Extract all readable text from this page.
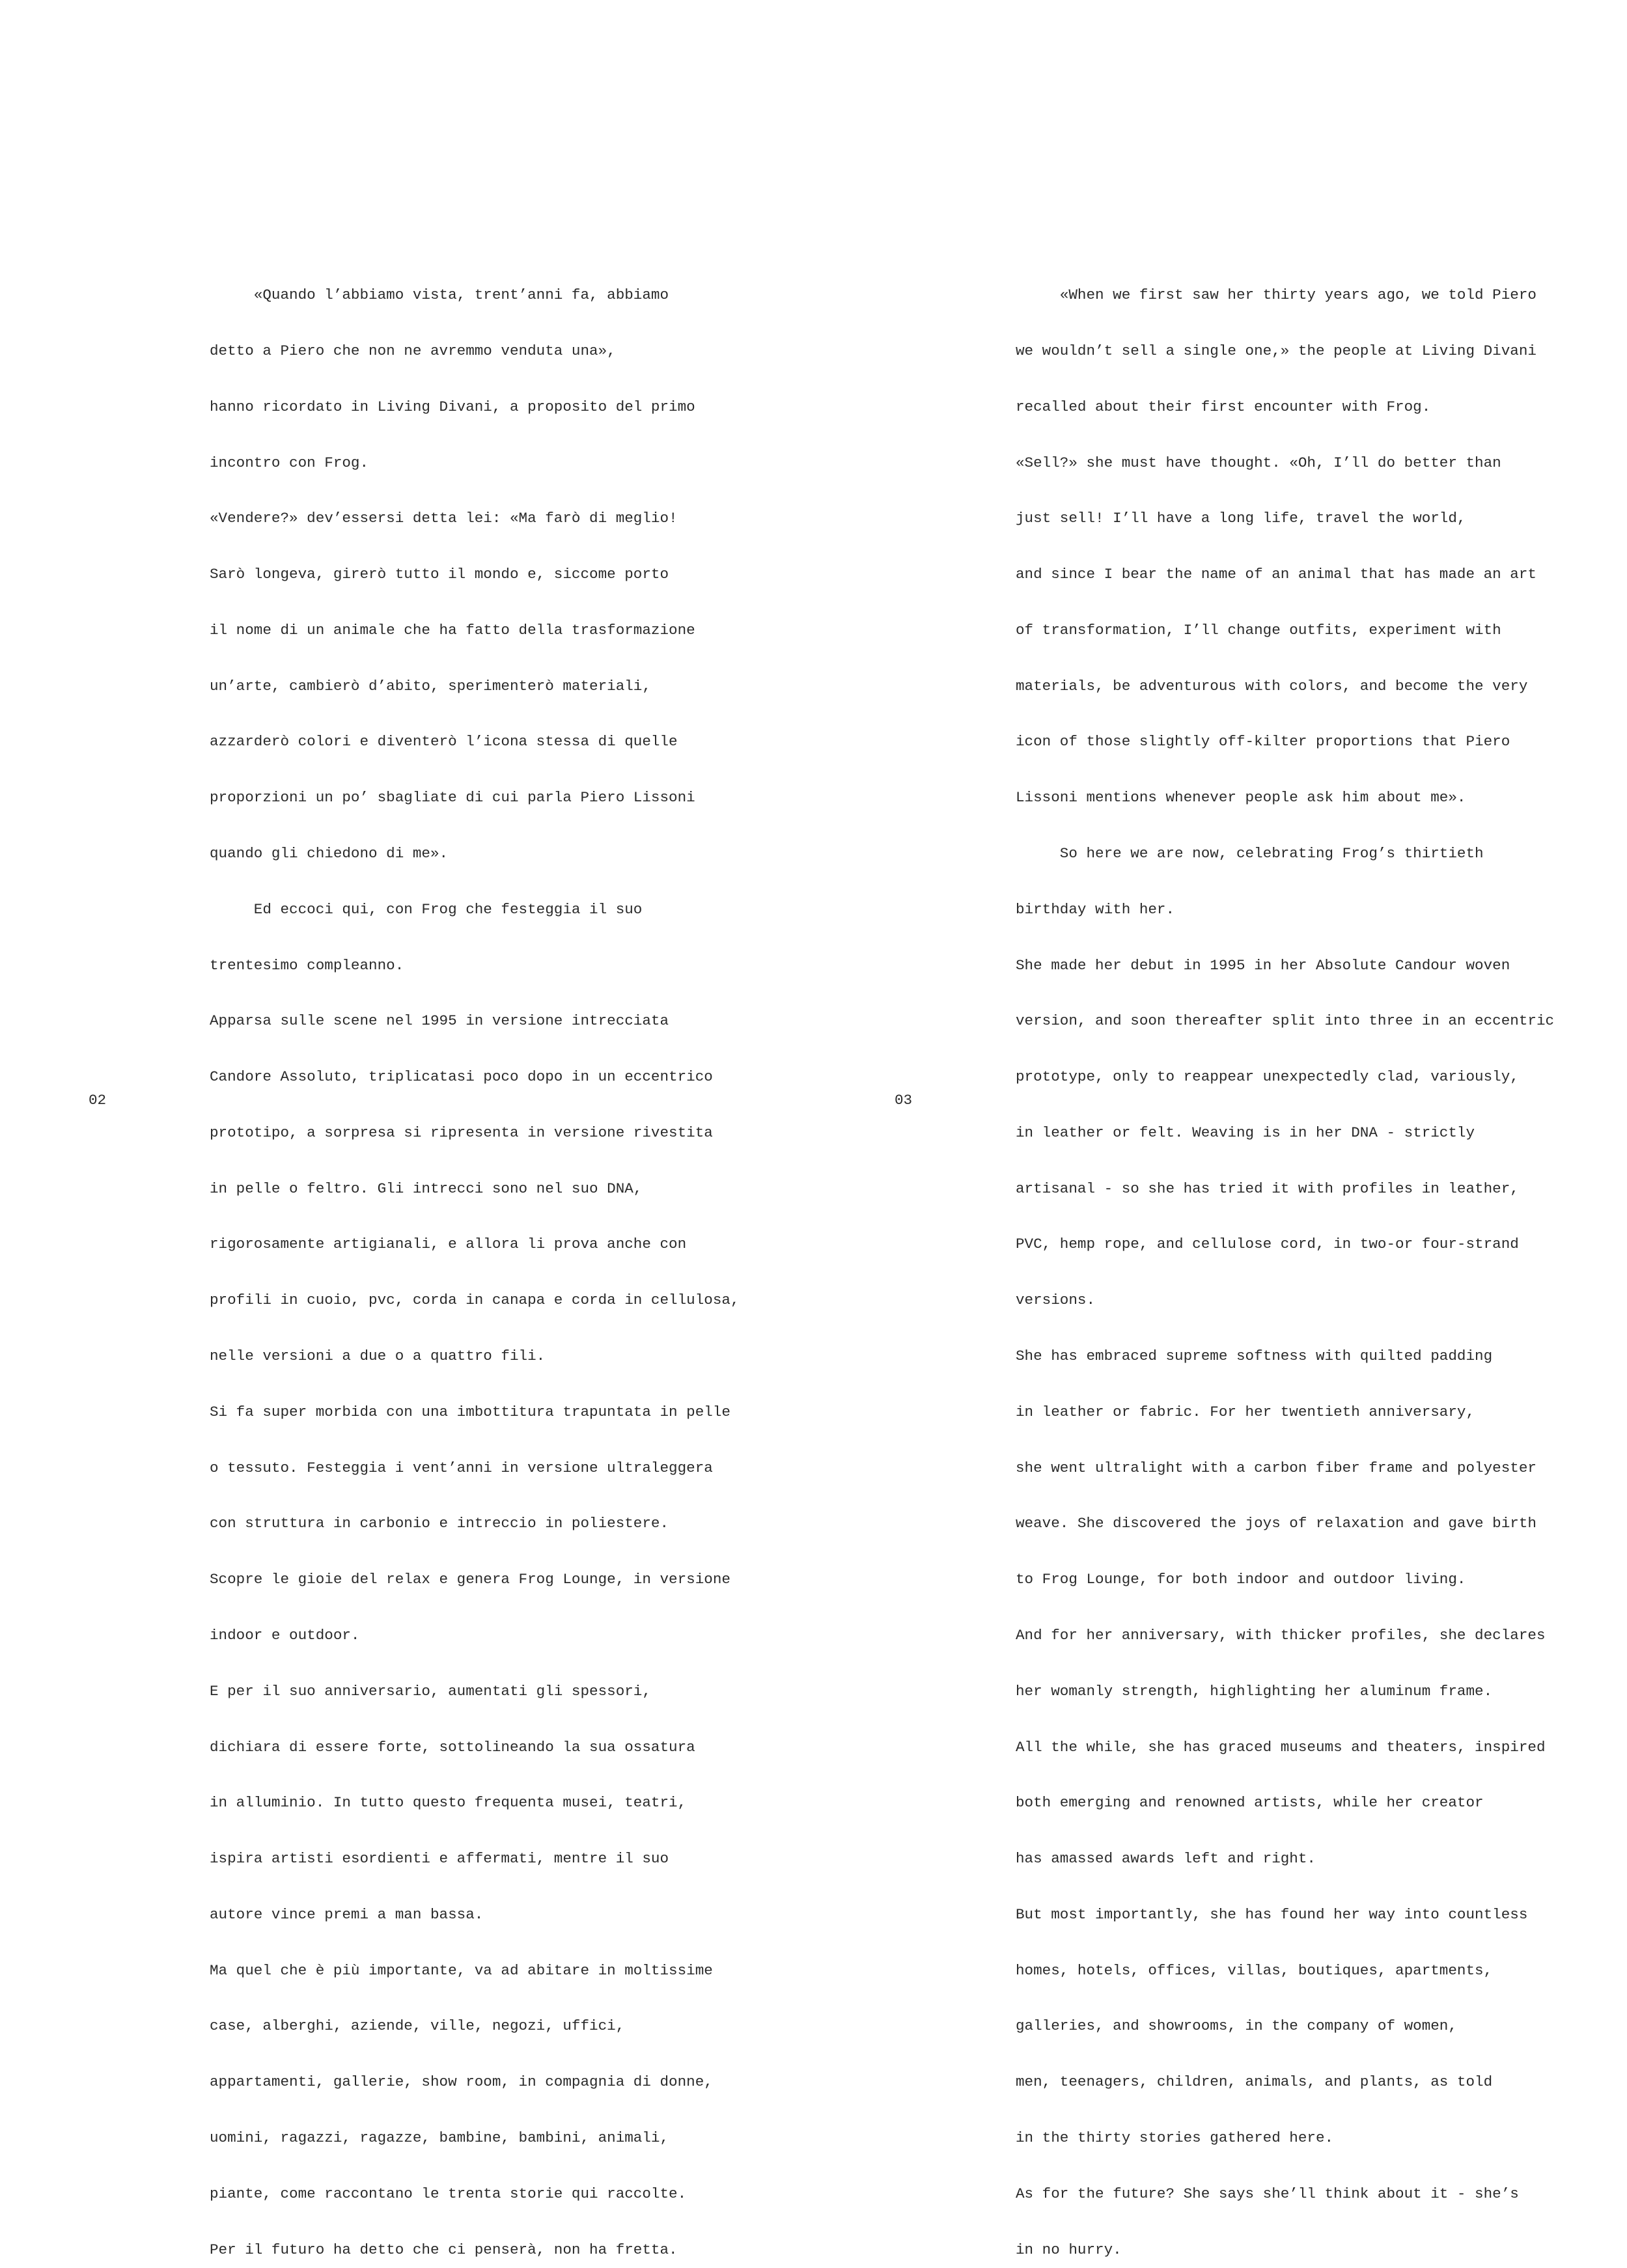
«Quando l’abbiamo vista, trent’anni fa, abbiamo

detto a Piero che non ne avremmo venduta una»,

hanno ricordato in Living Divani, a proposito del primo

incontro con Frog.

«Vendere?» dev’essersi detta lei: «Ma farò di meglio!

Sarò longeva, girerò tutto il mondo e, siccome porto

il nome di un animale che ha fatto della trasformazione

un’arte, cambierò d’abito, sperimenterò materiali,

azzarderò colori e diventerò l’icona stessa di quelle

proporzioni un po’ sbagliate di cui parla Piero Lissoni

quando gli chiedono di me».

Ed eccoci qui, con Frog che festeggia il suo

trentesimo compleanno.

Apparsa sulle scene nel 1995 in versione intrecciata

Candore Assoluto, triplicatasi poco dopo in un eccentrico

prototipo, a sorpresa si ripresenta in versione rivestita

in pelle o feltro. Gli intrecci sono nel suo DNA,

rigorosamente artigianali, e allora li prova anche con

profili in cuoio, pvc, corda in canapa e corda in cellulosa,

nelle versioni a due o a quattro fili.

Si fa super morbida con una imbottitura trapuntata in pelle

o tessuto. Festeggia i vent’anni in versione ultraleggera

con struttura in carbonio e intreccio in poliestere.

Scopre le gioie del relax e genera Frog Lounge, in versione

indoor e outdoor.

E per il suo anniversario, aumentati gli spessori,

dichiara di essere forte, sottolineando la sua ossatura

in alluminio. In tutto questo frequenta musei, teatri,

ispira artisti esordienti e affermati, mentre il suo

autore vince premi a man bassa.

Ma quel che è più importante, va ad abitare in moltissime

case, alberghi, aziende, ville, negozi, uffici,

appartamenti, gallerie, show room, in compagnia di donne,

uomini, ragazzi, ragazze, bambine, bambini, animali,

piante, come raccontano le trenta storie qui raccolte.

Per il futuro ha detto che ci penserà, non ha fretta.

«When we first saw her thirty years ago, we told Piero

we wouldn’t sell a single one,» the people at Living Divani

recalled about their first encounter with Frog.

«Sell?» she must have thought. «Oh, I’ll do better than

just sell! I’ll have a long life, travel the world,

and since I bear the name of an animal that has made an art

of transformation, I’ll change outfits, experiment with

materials, be adventurous with colors, and become the very

icon of those slightly off-kilter proportions that Piero

Lissoni mentions whenever people ask him about me».

So here we are now, celebrating Frog’s thirtieth

birthday with her.

She made her debut in 1995 in her Absolute Candour woven

version, and soon thereafter split into three in an eccentric

prototype, only to reappear unexpectedly clad, variously,

in leather or felt. Weaving is in her DNA - strictly

artisanal - so she has tried it with profiles in leather,

PVC, hemp rope, and cellulose cord, in two-or four-strand

versions.

She has embraced supreme softness with quilted padding

in leather or fabric. For her twentieth anniversary,

she went ultralight with a carbon fiber frame and polyester

weave. She discovered the joys of relaxation and gave birth

to Frog Lounge, for both indoor and outdoor living.

And for her anniversary, with thicker profiles, she declares

her womanly strength, highlighting her aluminum frame.

All the while, she has graced museums and theaters, inspired

both emerging and renowned artists, while her creator

has amassed awards left and right.

But most importantly, she has found her way into countless

homes, hotels, offices, villas, boutiques, apartments,

galleries, and showrooms, in the company of women,

men, teenagers, children, animals, and plants, as told

in the thirty stories gathered here.

As for the future? She says she’ll think about it - she’s

in no hurry.

02	03
